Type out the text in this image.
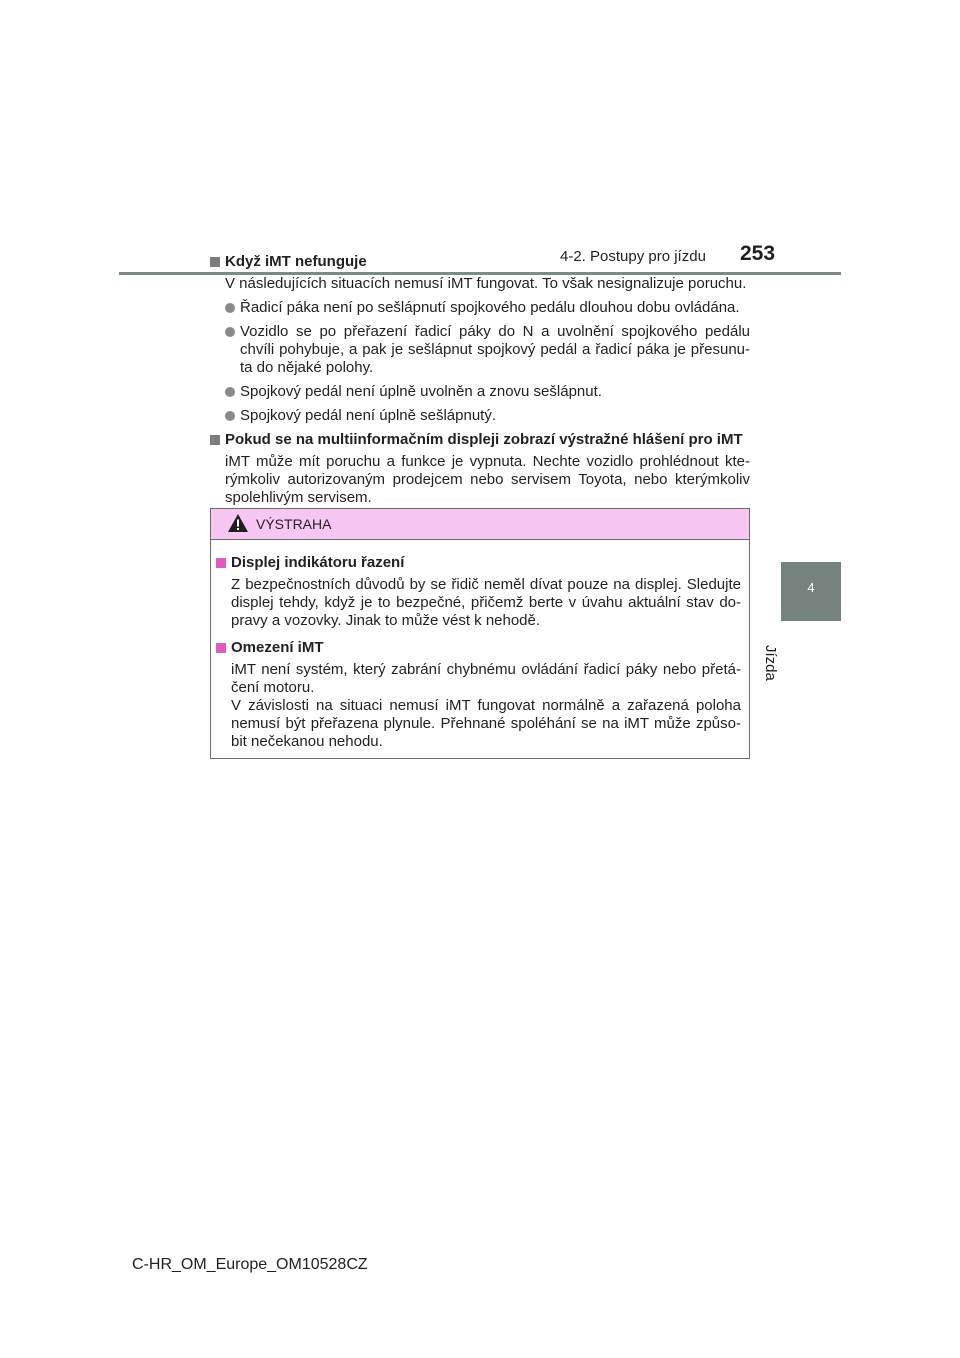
4-2. Postupy pro jízdu 253
4
Jízda
Když iMT nefunguje
V následujících situacích nemusí iMT fungovat. To však nesignalizuje poruchu.
Řadicí páka není po sešlápnutí spojkového pedálu dlouhou dobu ovládána.
Vozidlo se po přeřazení řadicí páky do N a uvolnění spojkového pedálu chvíli pohybuje, a pak je sešlápnut spojkový pedál a řadicí páka je přesunu-ta do nějaké polohy.
Spojkový pedál není úplně uvolněn a znovu sešlápnut.
Spojkový pedál není úplně sešlápnutý.
Pokud se na multiinformačním displeji zobrazí výstražné hlášení pro iMT
iMT může mít poruchu a funkce je vypnuta. Nechte vozidlo prohlédnout kte-rýmkoliv autorizovaným prodejcem nebo servisem Toyota, nebo kterýmkoliv spolehlivým servisem.
VÝSTRAHA
Displej indikátoru řazení
Z bezpečnostních důvodů by se řidič neměl dívat pouze na displej. Sledujte displej tehdy, když je to bezpečné, přičemž berte v úvahu aktuální stav do-pravy a vozovky. Jinak to může vést k nehodě.
Omezení iMT
iMT není systém, který zabrání chybnému ovládání řadicí páky nebo přetá-čení motoru.
V závislosti na situaci nemusí iMT fungovat normálně a zařazená poloha nemusí být přeřazena plynule. Přehnané spoléhání se na iMT může způso-bit nečekanou nehodu.
C-HR_OM_Europe_OM10528CZ
